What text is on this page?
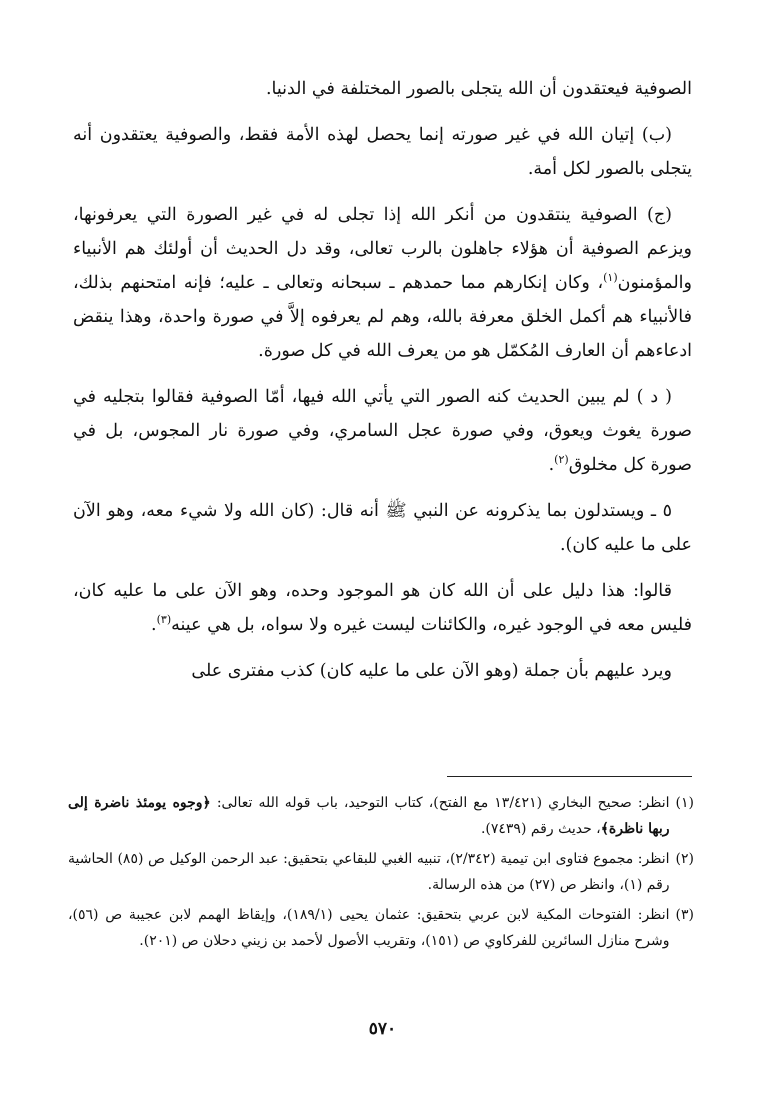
الصوفية فيعتقدون أن الله يتجلى بالصور المختلفة في الدنيا.

(ب) إتيان الله في غير صورته إنما يحصل لهذه الأمة فقط، والصوفية يعتقدون أنه يتجلى بالصور لكل أمة.

(ج) الصوفية ينتقدون من أنكر الله إذا تجلى له في غير الصورة التي يعرفونها، ويزعم الصوفية أن هؤلاء جاهلون بالرب تعالى، وقد دل الحديث أن أولئك هم الأنبياء والمؤمنون$^{(١)}$، وكان إنكارهم مما حمدهم ـ سبحانه وتعالى ـ عليه؛ فإنه امتحنهم بذلك، فالأنبياء هم أكمل الخلق معرفة بالله، وهم لم يعرفوه إلاَّ في صورة واحدة، وهذا ينقض ادعاءهم أن العارف المُكمّل هو من يعرف الله في كل صورة.

( د ) لم يبين الحديث كنه الصور التي يأتي الله فيها، أمّا الصوفية فقالوا بتجليه في صورة يغوث ويعوق، وفي صورة عجل السامري، وفي صورة نار المجوس، بل في صورة كل مخلوق$^{(٢)}$.

٥ ـ ويستدلون بما يذكرونه عن النبي ﷺ أنه قال: (كان الله ولا شيء معه، وهو الآن على ما عليه كان).

قالوا: هذا دليل على أن الله كان هو الموجود وحده، وهو الآن على ما عليه كان، فليس معه في الوجود غيره، والكائنات ليست غيره ولا سواه، بل هي عينه$^{(٣)}$.

ويرد عليهم بأن جملة (وهو الآن على ما عليه كان) كذب مفترى على

(١)
انظر: صحيح البخاري (١٣/٤٢١ مع الفتح)، كتاب التوحيد، باب قوله الله تعالى: ﴿وجوه يومئذ ناضرة إلى ربها ناظرة﴾، حديث رقم (٧٤٣٩).
(٢)
انظر: مجموع فتاوى ابن تيمية (٢/٣٤٢)، تنبيه الغبي للبقاعي بتحقيق: عبد الرحمن الوكيل ص (٨٥) الحاشية رقم (١)، وانظر ص (٢٧) من هذه الرسالة.
(٣)
انظر: الفتوحات المكية لابن عربي بتحقيق: عثمان يحيى (١٨٩/١)، وإيقاظ الهمم لابن عجيبة ص (٥٦)، وشرح منازل السائرين للفركاوي ص (١٥١)، وتقريب الأصول لأحمد بن زيني دحلان ص (٢٠١).
٥٧٠
